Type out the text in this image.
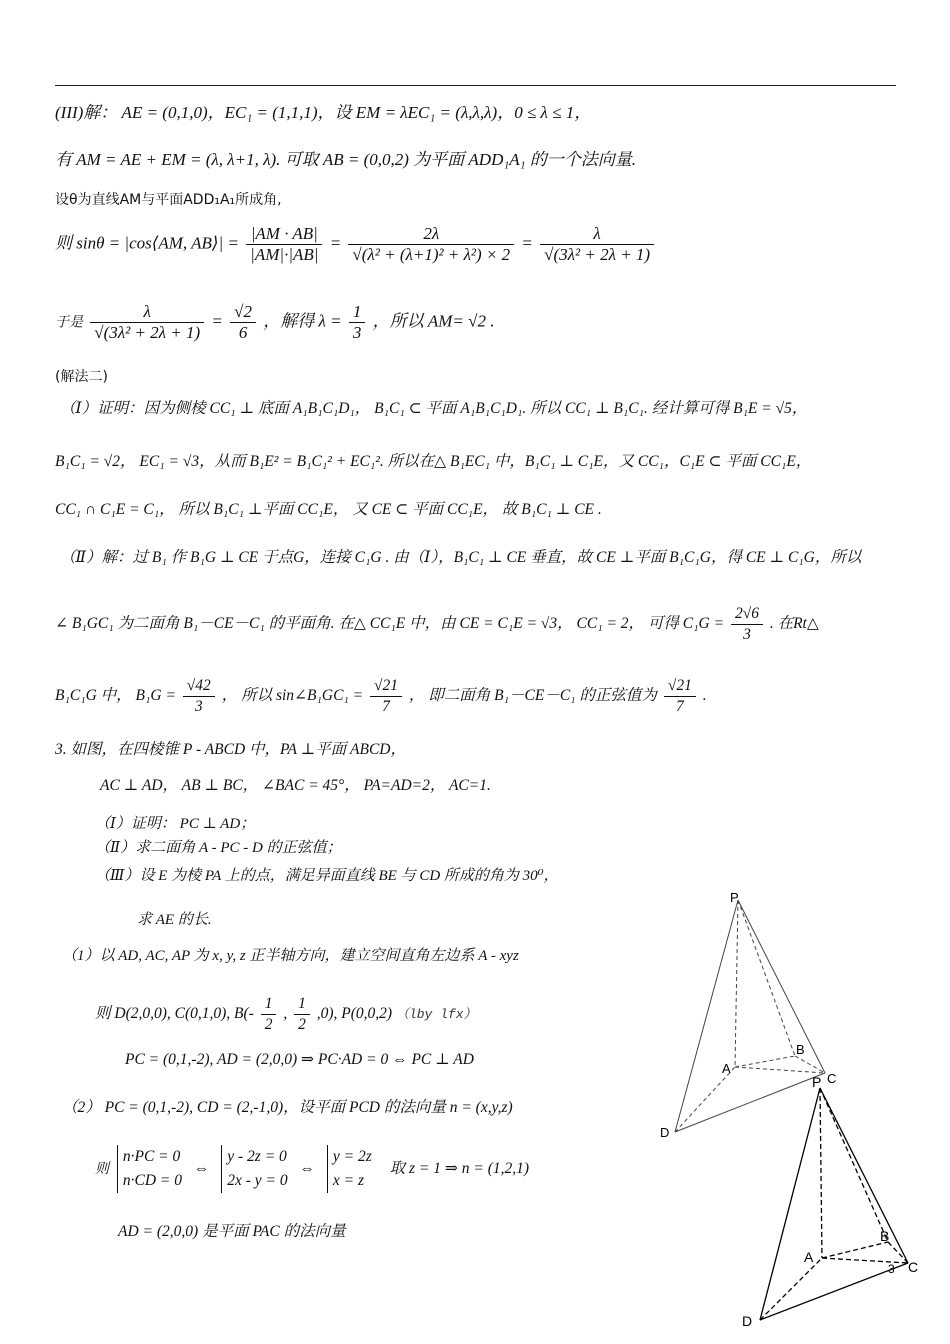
(III)解： AE = (0,1,0)，EC₁ = (1,1,1)，设 EM = λEC₁ = (λ,λ,λ)，0 ≤ λ ≤ 1，
有 AM = AE + EM = (λ, λ+1, λ). 可取 AB = (0,0,2) 为平面 ADD₁A₁ 的一个法向量.
设θ为直线AM与平面ADD₁A₁所成角,
则 sinθ = |cos⟨AM, AB⟩| = $\frac{|AM \cdot AB|}{|AM|\cdot|AB|} = \frac{2\lambda}{\text{√(λ² + (λ+1)² + λ²) × 2}} = \frac{\lambda}{\text{√(3λ² + 2λ + 1)}}$
于是 $\frac{\lambda}{\text{√(3λ² + 2λ + 1)}} = \frac{√2}{6}$ ，解得 $\lambda = \frac{1}{3}$ ，所以 AM= √2 .
(解法二)
（Ⅰ）证明：因为侧棱 CC₁ ⊥ 底面 A₁B₁C₁D₁， B₁C₁ ⊂ 平面 A₁B₁C₁D₁. 所以 CC₁ ⊥ B₁C₁. 经计算可得 B₁E = √5，
B₁C₁ = √2， EC₁ = √3，从而 B₁E² = B₁C₁² + EC₁². 所以在△ B₁EC₁ 中，B₁C₁ ⊥ C₁E，又 CC₁，C₁E ⊂ 平面 CC₁E，
CC₁ ∩ C₁E = C₁， 所以 B₁C₁ ⊥平面 CC₁E， 又 CE ⊂ 平面 CC₁E， 故 B₁C₁ ⊥ CE .
（Ⅱ）解：过 B₁ 作 B₁G ⊥ CE 于点G，连接 C₁G . 由（Ⅰ），B₁C₁ ⊥ CE 垂直，故 CE ⊥平面 B₁C₁G，得 CE ⊥ C₁G，所以
∠ B₁GC₁ 为二面角 B₁－CE－C₁ 的平面角. 在△ CC₁E 中，由 CE = C₁E = √3， CC₁ = 2， 可得 $C_1G = \frac{2√6}{3}$ . 在Rt△
B₁C₁G 中， $B_1G = \frac{√42}{3}$ ， 所以 sin∠B₁GC₁ = $\frac{√21}{7}$ ， 即二面角 B₁－CE－C₁ 的正弦值为 $\frac{√21}{7}$ .
3. 如图，在四棱锥 P - ABCD 中，PA ⊥平面 ABCD，
AC ⊥ AD， AB ⊥ BC， ∠BAC = 45°， PA=AD=2， AC=1.
（Ⅰ）证明： PC ⊥ AD；
（Ⅱ）求二面角 A - PC - D 的正弦值；
（Ⅲ）设 E 为棱 PA 上的点，满足异面直线 BE 与 CD 所成的角为 30⁰，
求 AE 的长.
（1）以 AD, AC, AP 为 x, y, z 正半轴方向，建立空间直角左边系 A - xyz
则 D(2,0,0), C(0,1,0), $B(- \frac{1}{2}$ , $\frac{1}{2} ,0$), P(0,0,2) （lby lfx）
PC = (0,1,-2), AD = (2,0,0) ⇒ PC·AD = 0 ⇔ PC ⊥ AD
（2） PC = (0,1,-2), CD = (2,-1,0)，设平面 PCD 的法向量 n = (x,y,z)
则
n·PC = 0
n·CD = 0
⇔
y - 2z = 0
2x - y = 0
⇔
y = 2z
x = z
取 z = 1 ⇒ n = (1,2,1)
AD = (2,0,0) 是平面 PAC 的法向量
P
A
B
C
D
P
A
B
C
3
D
